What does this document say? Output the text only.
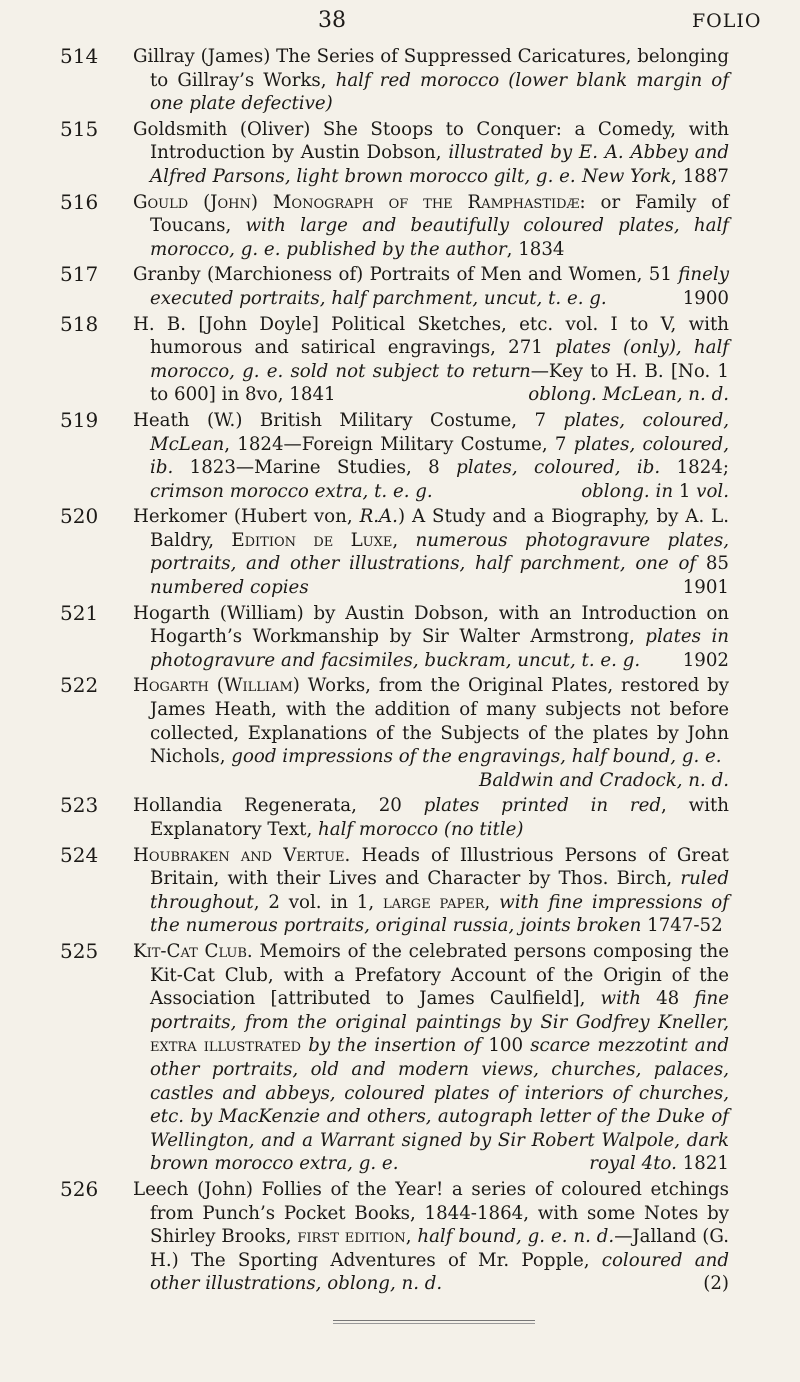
38	FOLIO
514	Gillray (James) The Series of Suppressed Caricatures, belonging to Gillray’s Works, half red morocco (lower blank margin of one plate defective)
515	Goldsmith (Oliver) She Stoops to Conquer: a Comedy, with Introduction by Austin Dobson, illustrated by E. A. Abbey and Alfred Parsons, light brown morocco gilt, g. e. New York, 1887
516	Gould (John) Monograph of the Ramphastidæ: or Family of Toucans, with large and beautifully coloured plates, half morocco, g. e. published by the author, 1834
517	Granby (Marchioness of) Portraits of Men and Women, 51 finely executed portraits, half parchment, uncut, t. e. g.	1900
518	H. B. [John Doyle] Political Sketches, etc. vol. I to V, with humorous and satirical engravings, 271 plates (only), half morocco, g. e. sold not subject to return—Key to H. B. [No. 1 to 600] in 8vo, 1841	oblong. McLean, n. d.
519	Heath (W.) British Military Costume, 7 plates, coloured, McLean, 1824—Foreign Military Costume, 7 plates, coloured, ib. 1823—Marine Studies, 8 plates, coloured, ib. 1824; crimson morocco extra, t. e. g.	oblong. in 1 vol.
520	Herkomer (Hubert von, R.A.) A Study and a Biography, by A. L. Baldry, Edition de Luxe, numerous photogravure plates, portraits, and other illustrations, half parchment, one of 85 numbered copies	1901
521	Hogarth (William) by Austin Dobson, with an Introduction on Hogarth’s Workmanship by Sir Walter Armstrong, plates in photogravure and facsimiles, buckram, uncut, t. e. g. 1902
522	Hogarth (William) Works, from the Original Plates, restored by James Heath, with the addition of many subjects not before collected, Explanations of the Subjects of the plates by John Nichols, good impressions of the engravings, half bound, g. e.
Baldwin and Cradock, n. d.
523	Hollandia Regenerata, 20 plates printed in red, with Explanatory Text, half morocco (no title)
524	Houbraken and Vertue. Heads of Illustrious Persons of Great Britain, with their Lives and Character by Thos. Birch, ruled throughout, 2 vol. in 1, large paper, with fine impressions of the numerous portraits, original russia, joints broken 1747-52
525	Kit-Cat Club. Memoirs of the celebrated persons composing the Kit-Cat Club, with a Prefatory Account of the Origin of the Association [attributed to James Caulfield], with 48 fine portraits, from the original paintings by Sir Godfrey Kneller, extra illustrated by the insertion of 100 scarce mezzotint and other portraits, old and modern views, churches, palaces, castles and abbeys, coloured plates of interiors of churches, etc. by MacKenzie and others, autograph letter of the Duke of Wellington, and a Warrant signed by Sir Robert Walpole, dark brown morocco extra, g. e.	royal 4to. 1821
526	Leech (John) Follies of the Year! a series of coloured etchings from Punch’s Pocket Books, 1844-1864, with some Notes by Shirley Brooks, first edition, half bound, g. e. n. d.—Jalland (G. H.) The Sporting Adventures of Mr. Popple, coloured and other illustrations, oblong, n. d.	(2)
